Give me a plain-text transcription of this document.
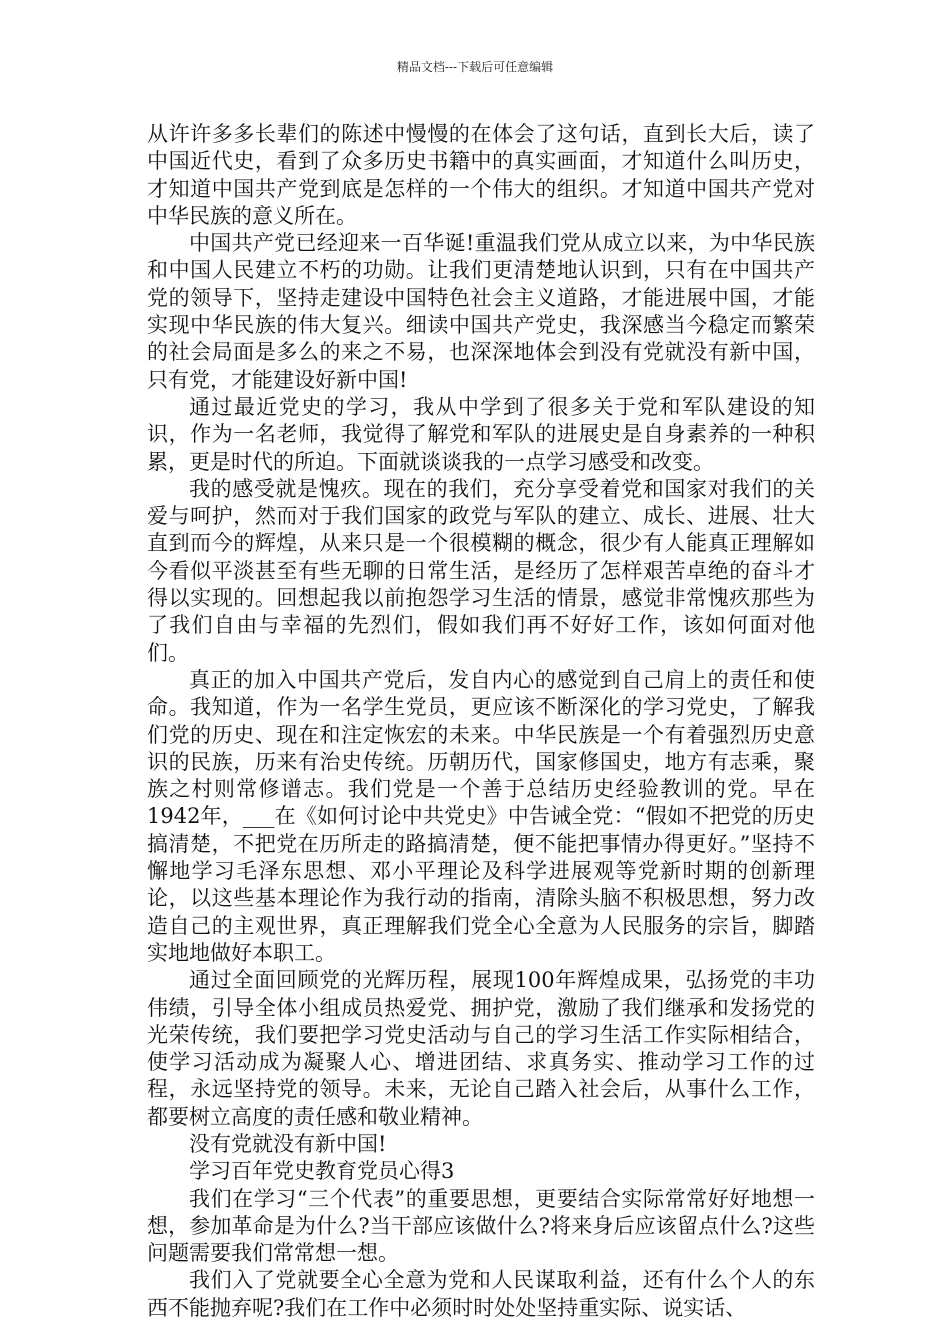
精品文档---下载后可任意编辑

从许许多多长辈们的陈述中慢慢的在体会了这句话，直到长大后，读了中国近代史，看到了众多历史书籍中的真实画面，才知道什么叫历史，才知道中国共产党到底是怎样的一个伟大的组织。才知道中国共产党对中华民族的意义所在。

中国共产党已经迎来一百华诞!重温我们党从成立以来，为中华民族和中国人民建立不朽的功勋。让我们更清楚地认识到，只有在中国共产党的领导下，坚持走建设中国特色社会主义道路，才能进展中国，才能实现中华民族的伟大复兴。细读中国共产党史，我深感当今稳定而繁荣的社会局面是多么的来之不易，也深深地体会到没有党就没有新中国，只有党，才能建设好新中国!

通过最近党史的学习，我从中学到了很多关于党和军队建设的知识，作为一名老师，我觉得了解党和军队的进展史是自身素养的一种积累，更是时代的所迫。下面就谈谈我的一点学习感受和改变。

我的感受就是愧疚。现在的我们，充分享受着党和国家对我们的关爱与呵护，然而对于我们国家的政党与军队的建立、成长、进展、壮大直到而今的辉煌，从来只是一个很模糊的概念，很少有人能真正理解如今看似平淡甚至有些无聊的日常生活，是经历了怎样艰苦卓绝的奋斗才得以实现的。回想起我以前抱怨学习生活的情景，感觉非常愧疚那些为了我们自由与幸福的先烈们，假如我们再不好好工作，该如何面对他们。

真正的加入中国共产党后，发自内心的感觉到自己肩上的责任和使命。我知道，作为一名学生党员，更应该不断深化的学习党史，了解我们党的历史、现在和注定恢宏的未来。中华民族是一个有着强烈历史意识的民族，历来有治史传统。历朝历代，国家修国史，地方有志乘，聚族之村则常修谱志。我们党是一个善于总结历史经验教训的党。早在1942年，___在《如何讨论中共党史》中告诫全党：“假如不把党的历史搞清楚，不把党在历所走的路搞清楚，便不能把事情办得更好。”坚持不懈地学习毛泽东思想、邓小平理论及科学进展观等党新时期的创新理论，以这些基本理论作为我行动的指南，清除头脑不积极思想，努力改造自己的主观世界，真正理解我们党全心全意为人民服务的宗旨，脚踏实地地做好本职工。

通过全面回顾党的光辉历程，展现100年辉煌成果，弘扬党的丰功伟绩，引导全体小组成员热爱党、拥护党，激励了我们继承和发扬党的光荣传统，我们要把学习党史活动与自己的学习生活工作实际相结合，使学习活动成为凝聚人心、增进团结、求真务实、推动学习工作的过程，永远坚持党的领导。未来，无论自己踏入社会后，从事什么工作，都要树立高度的责任感和敬业精神。

没有党就没有新中国!

学习百年党史教育党员心得3

我们在学习“三个代表”的重要思想，更要结合实际常常好好地想一想，参加革命是为什么?当干部应该做什么?将来身后应该留点什么?这些问题需要我们常常想一想。

我们入了党就要全心全意为党和人民谋取利益，还有什么个人的东西不能抛弃呢?我们在工作中必须时时处处坚持重实际、说实话、
